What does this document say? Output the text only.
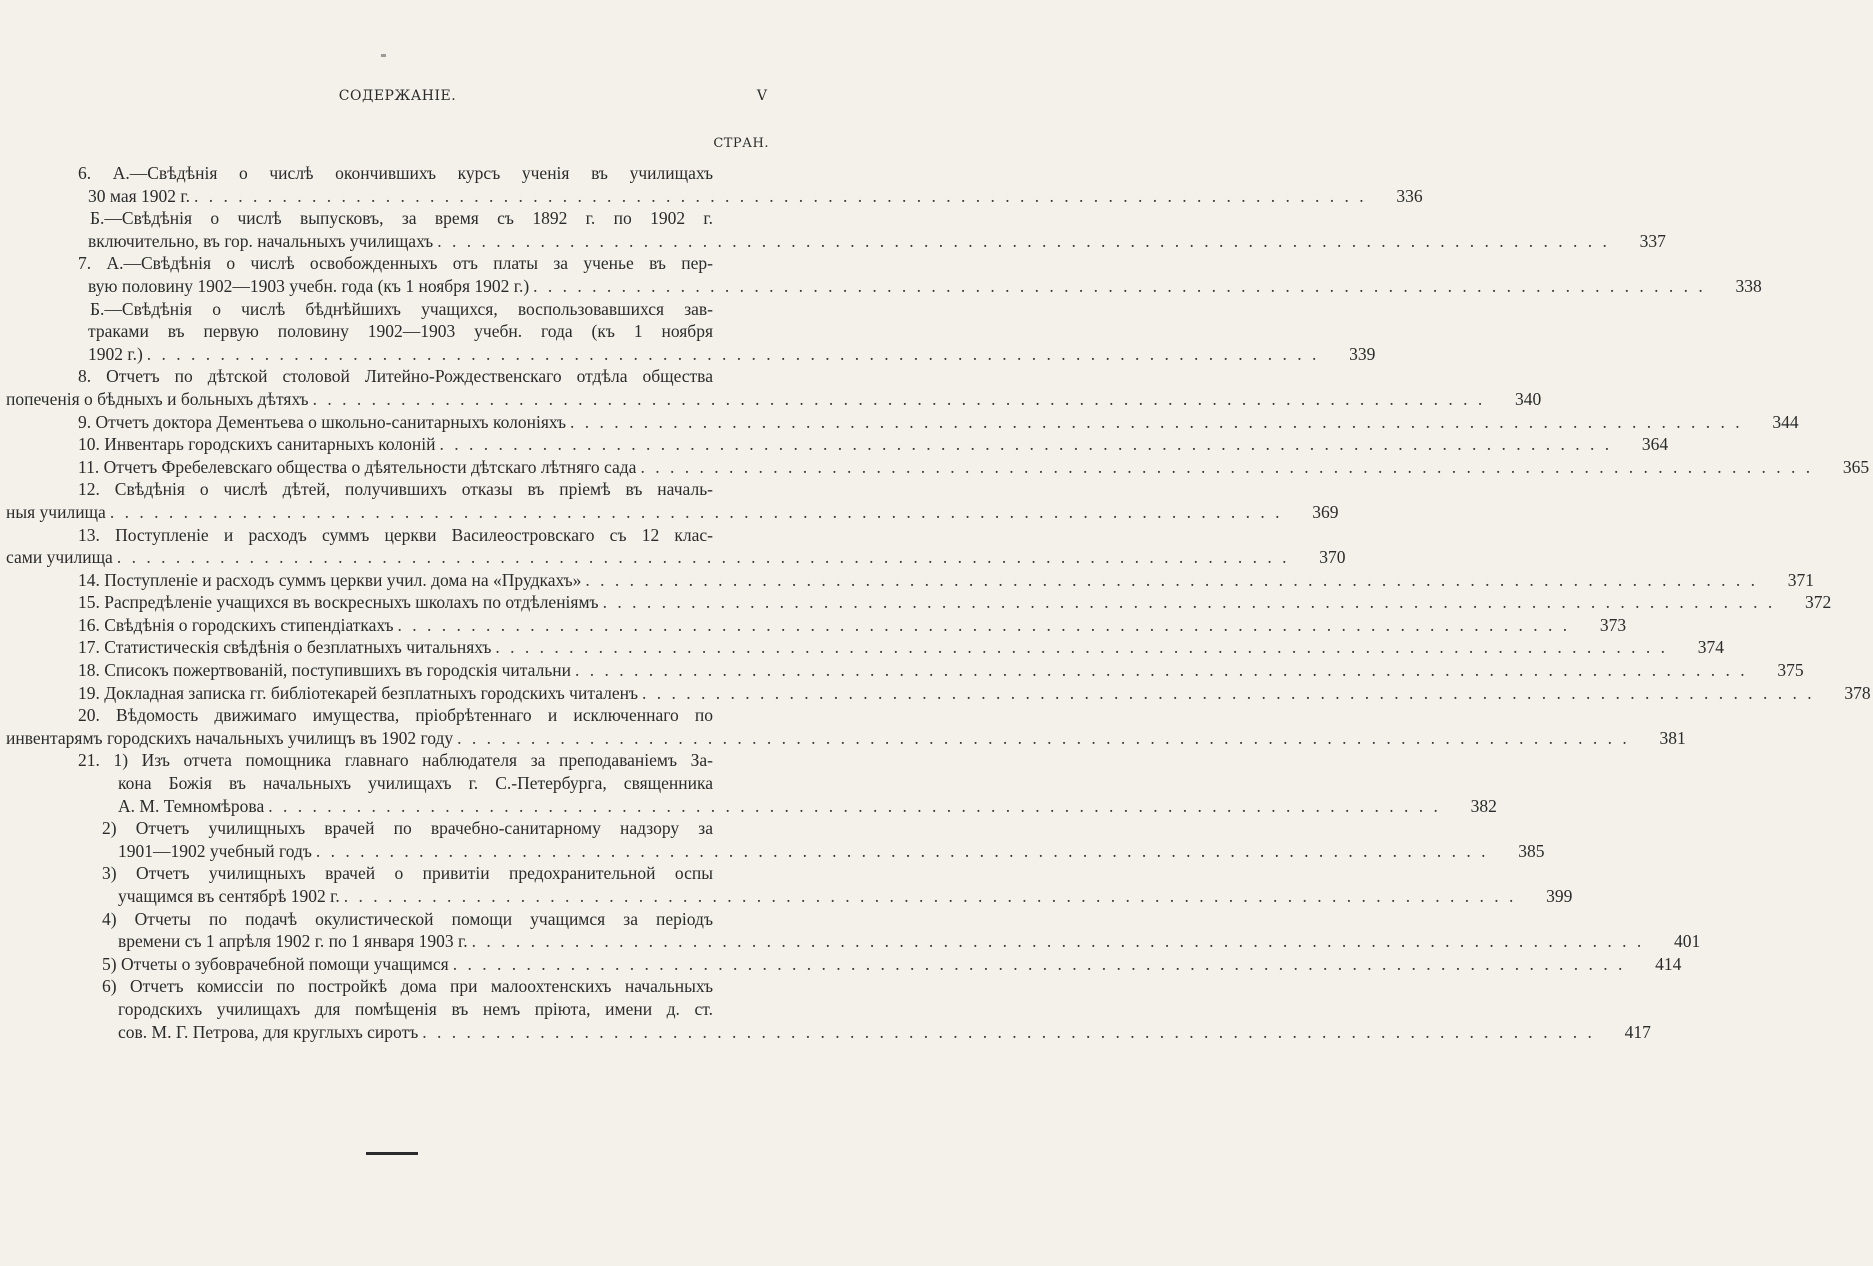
СОДЕРЖАНІЕ.	V
СТРАН.
6. А.—Свѣдѣнія о числѣ окончившихъ курсъ ученія въ училищахъ
30 мая 1902 г. . . . . . . . . . . . . . . . . . . . . . . . . . . . . . . . . . . . . . . . . . . . . . . . . . . . . . . . . . . . . . . . . . . . . . . . . . . . . . . . .	336
Б.—Свѣдѣнія о числѣ выпусковъ, за время съ 1892 г. по 1902 г.
включительно, въ гор. начальныхъ училищахъ . . . . . . . . . . . . . . . . . . . . . . . . . . . . . . . . . . . . . . . . . . . . . . . . . . . . . . . . . . . . . . . . . . . . . . . . . . . . . . . .	337
7. А.—Свѣдѣнія о числѣ освобожденныхъ отъ платы за ученье въ пер-
вую половину 1902—1903 учебн. года (къ 1 ноября 1902 г.) . . . . . . . . . . . . . . . . . . . . . . . . . . . . . . . . . . . . . . . . . . . . . . . . . . . . . . . . . . . . . . . . . . . . . . . . . . . . . . . .	338
Б.—Свѣдѣнія о числѣ бѣднѣйшихъ учащихся, воспользовавшихся зав-
траками въ первую половину 1902—1903 учебн. года (къ 1 ноября
1902 г.) . . . . . . . . . . . . . . . . . . . . . . . . . . . . . . . . . . . . . . . . . . . . . . . . . . . . . . . . . . . . . . . . . . . . . . . . . . . . . . . .	339
8. Отчетъ по дѣтской столовой Литейно-Рождественскаго отдѣла общества
попеченія о бѣдныхъ и больныхъ дѣтяхъ . . . . . . . . . . . . . . . . . . . . . . . . . . . . . . . . . . . . . . . . . . . . . . . . . . . . . . . . . . . . . . . . . . . . . . . . . . . . . . . .	340
9. Отчетъ доктора Дементьева о школьно-санитарныхъ колоніяхъ . . . . . . . . . . . . . . . . . . . . . . . . . . . . . . . . . . . . . . . . . . . . . . . . . . . . . . . . . . . . . . . . . . . . . . . . . . . . . . . .	344
10. Инвентарь городскихъ санитарныхъ колоній . . . . . . . . . . . . . . . . . . . . . . . . . . . . . . . . . . . . . . . . . . . . . . . . . . . . . . . . . . . . . . . . . . . . . . . . . . . . . . . .	364
11. Отчетъ Фребелевскаго общества о дѣятельности дѣтскаго лѣтняго сада . . . . . . . . . . . . . . . . . . . . . . . . . . . . . . . . . . . . . . . . . . . . . . . . . . . . . . . . . . . . . . . . . . . . . . . . . . . . . . . .	365
12. Свѣдѣнія о числѣ дѣтей, получившихъ отказы въ пріемѣ въ началь-
ныя училища . . . . . . . . . . . . . . . . . . . . . . . . . . . . . . . . . . . . . . . . . . . . . . . . . . . . . . . . . . . . . . . . . . . . . . . . . . . . . . . .	369
13. Поступленіе и расходъ суммъ церкви Василеостровскаго съ 12 клас-
сами училища . . . . . . . . . . . . . . . . . . . . . . . . . . . . . . . . . . . . . . . . . . . . . . . . . . . . . . . . . . . . . . . . . . . . . . . . . . . . . . . .	370
14. Поступленіе и расходъ суммъ церкви учил. дома на «Прудкахъ» . . . . . . . . . . . . . . . . . . . . . . . . . . . . . . . . . . . . . . . . . . . . . . . . . . . . . . . . . . . . . . . . . . . . . . . . . . . . . . . .	371
15. Распредѣленіе учащихся въ воскресныхъ школахъ по отдѣленіямъ . . . . . . . . . . . . . . . . . . . . . . . . . . . . . . . . . . . . . . . . . . . . . . . . . . . . . . . . . . . . . . . . . . . . . . . . . . . . . . . .	372
16. Свѣдѣнія о городскихъ стипендіаткахъ . . . . . . . . . . . . . . . . . . . . . . . . . . . . . . . . . . . . . . . . . . . . . . . . . . . . . . . . . . . . . . . . . . . . . . . . . . . . . . . .	373
17. Статистическія свѣдѣнія о безплатныхъ читальняхъ . . . . . . . . . . . . . . . . . . . . . . . . . . . . . . . . . . . . . . . . . . . . . . . . . . . . . . . . . . . . . . . . . . . . . . . . . . . . . . . .	374
18. Списокъ пожертвованій, поступившихъ въ городскія читальни . . . . . . . . . . . . . . . . . . . . . . . . . . . . . . . . . . . . . . . . . . . . . . . . . . . . . . . . . . . . . . . . . . . . . . . . . . . . . . . .	375
19. Докладная записка гг. библіотекарей безплатныхъ городскихъ читаленъ . . . . . . . . . . . . . . . . . . . . . . . . . . . . . . . . . . . . . . . . . . . . . . . . . . . . . . . . . . . . . . . . . . . . . . . . . . . . . . . .	378
20. Вѣдомость движимаго имущества, пріобрѣтеннаго и исключеннаго по
инвентарямъ городскихъ начальныхъ училищъ въ 1902 году . . . . . . . . . . . . . . . . . . . . . . . . . . . . . . . . . . . . . . . . . . . . . . . . . . . . . . . . . . . . . . . . . . . . . . . . . . . . . . . .	381
21. 1) Изъ отчета помощника главнаго наблюдателя за преподаваніемъ За-
кона Божія въ начальныхъ училищахъ г. С.-Петербурга, священника
А. М. Темномѣрова . . . . . . . . . . . . . . . . . . . . . . . . . . . . . . . . . . . . . . . . . . . . . . . . . . . . . . . . . . . . . . . . . . . . . . . . . . . . . . . .	382
2) Отчетъ училищныхъ врачей по врачебно-санитарному надзору за
1901—1902 учебный годъ . . . . . . . . . . . . . . . . . . . . . . . . . . . . . . . . . . . . . . . . . . . . . . . . . . . . . . . . . . . . . . . . . . . . . . . . . . . . . . . .	385
3) Отчетъ училищныхъ врачей о привитіи предохранительной оспы
учащимся въ сентябрѣ 1902 г. . . . . . . . . . . . . . . . . . . . . . . . . . . . . . . . . . . . . . . . . . . . . . . . . . . . . . . . . . . . . . . . . . . . . . . . . . . . . . . . .	399
4) Отчеты по подачѣ окулистической помощи учащимся за періодъ
времени съ 1 апрѣля 1902 г. по 1 января 1903 г. . . . . . . . . . . . . . . . . . . . . . . . . . . . . . . . . . . . . . . . . . . . . . . . . . . . . . . . . . . . . . . . . . . . . . . . . . . . . . . . .	401
5) Отчеты о зубоврачебной помощи учащимся . . . . . . . . . . . . . . . . . . . . . . . . . . . . . . . . . . . . . . . . . . . . . . . . . . . . . . . . . . . . . . . . . . . . . . . . . . . . . . . .	414
6) Отчетъ комиссіи по постройкѣ дома при малоохтенскихъ начальныхъ
городскихъ училищахъ для помѣщенія въ немъ пріюта, имени д. ст.
сов. М. Г. Петрова, для круглыхъ сиротъ . . . . . . . . . . . . . . . . . . . . . . . . . . . . . . . . . . . . . . . . . . . . . . . . . . . . . . . . . . . . . . . . . . . . . . . . . . . . . . . .	417
